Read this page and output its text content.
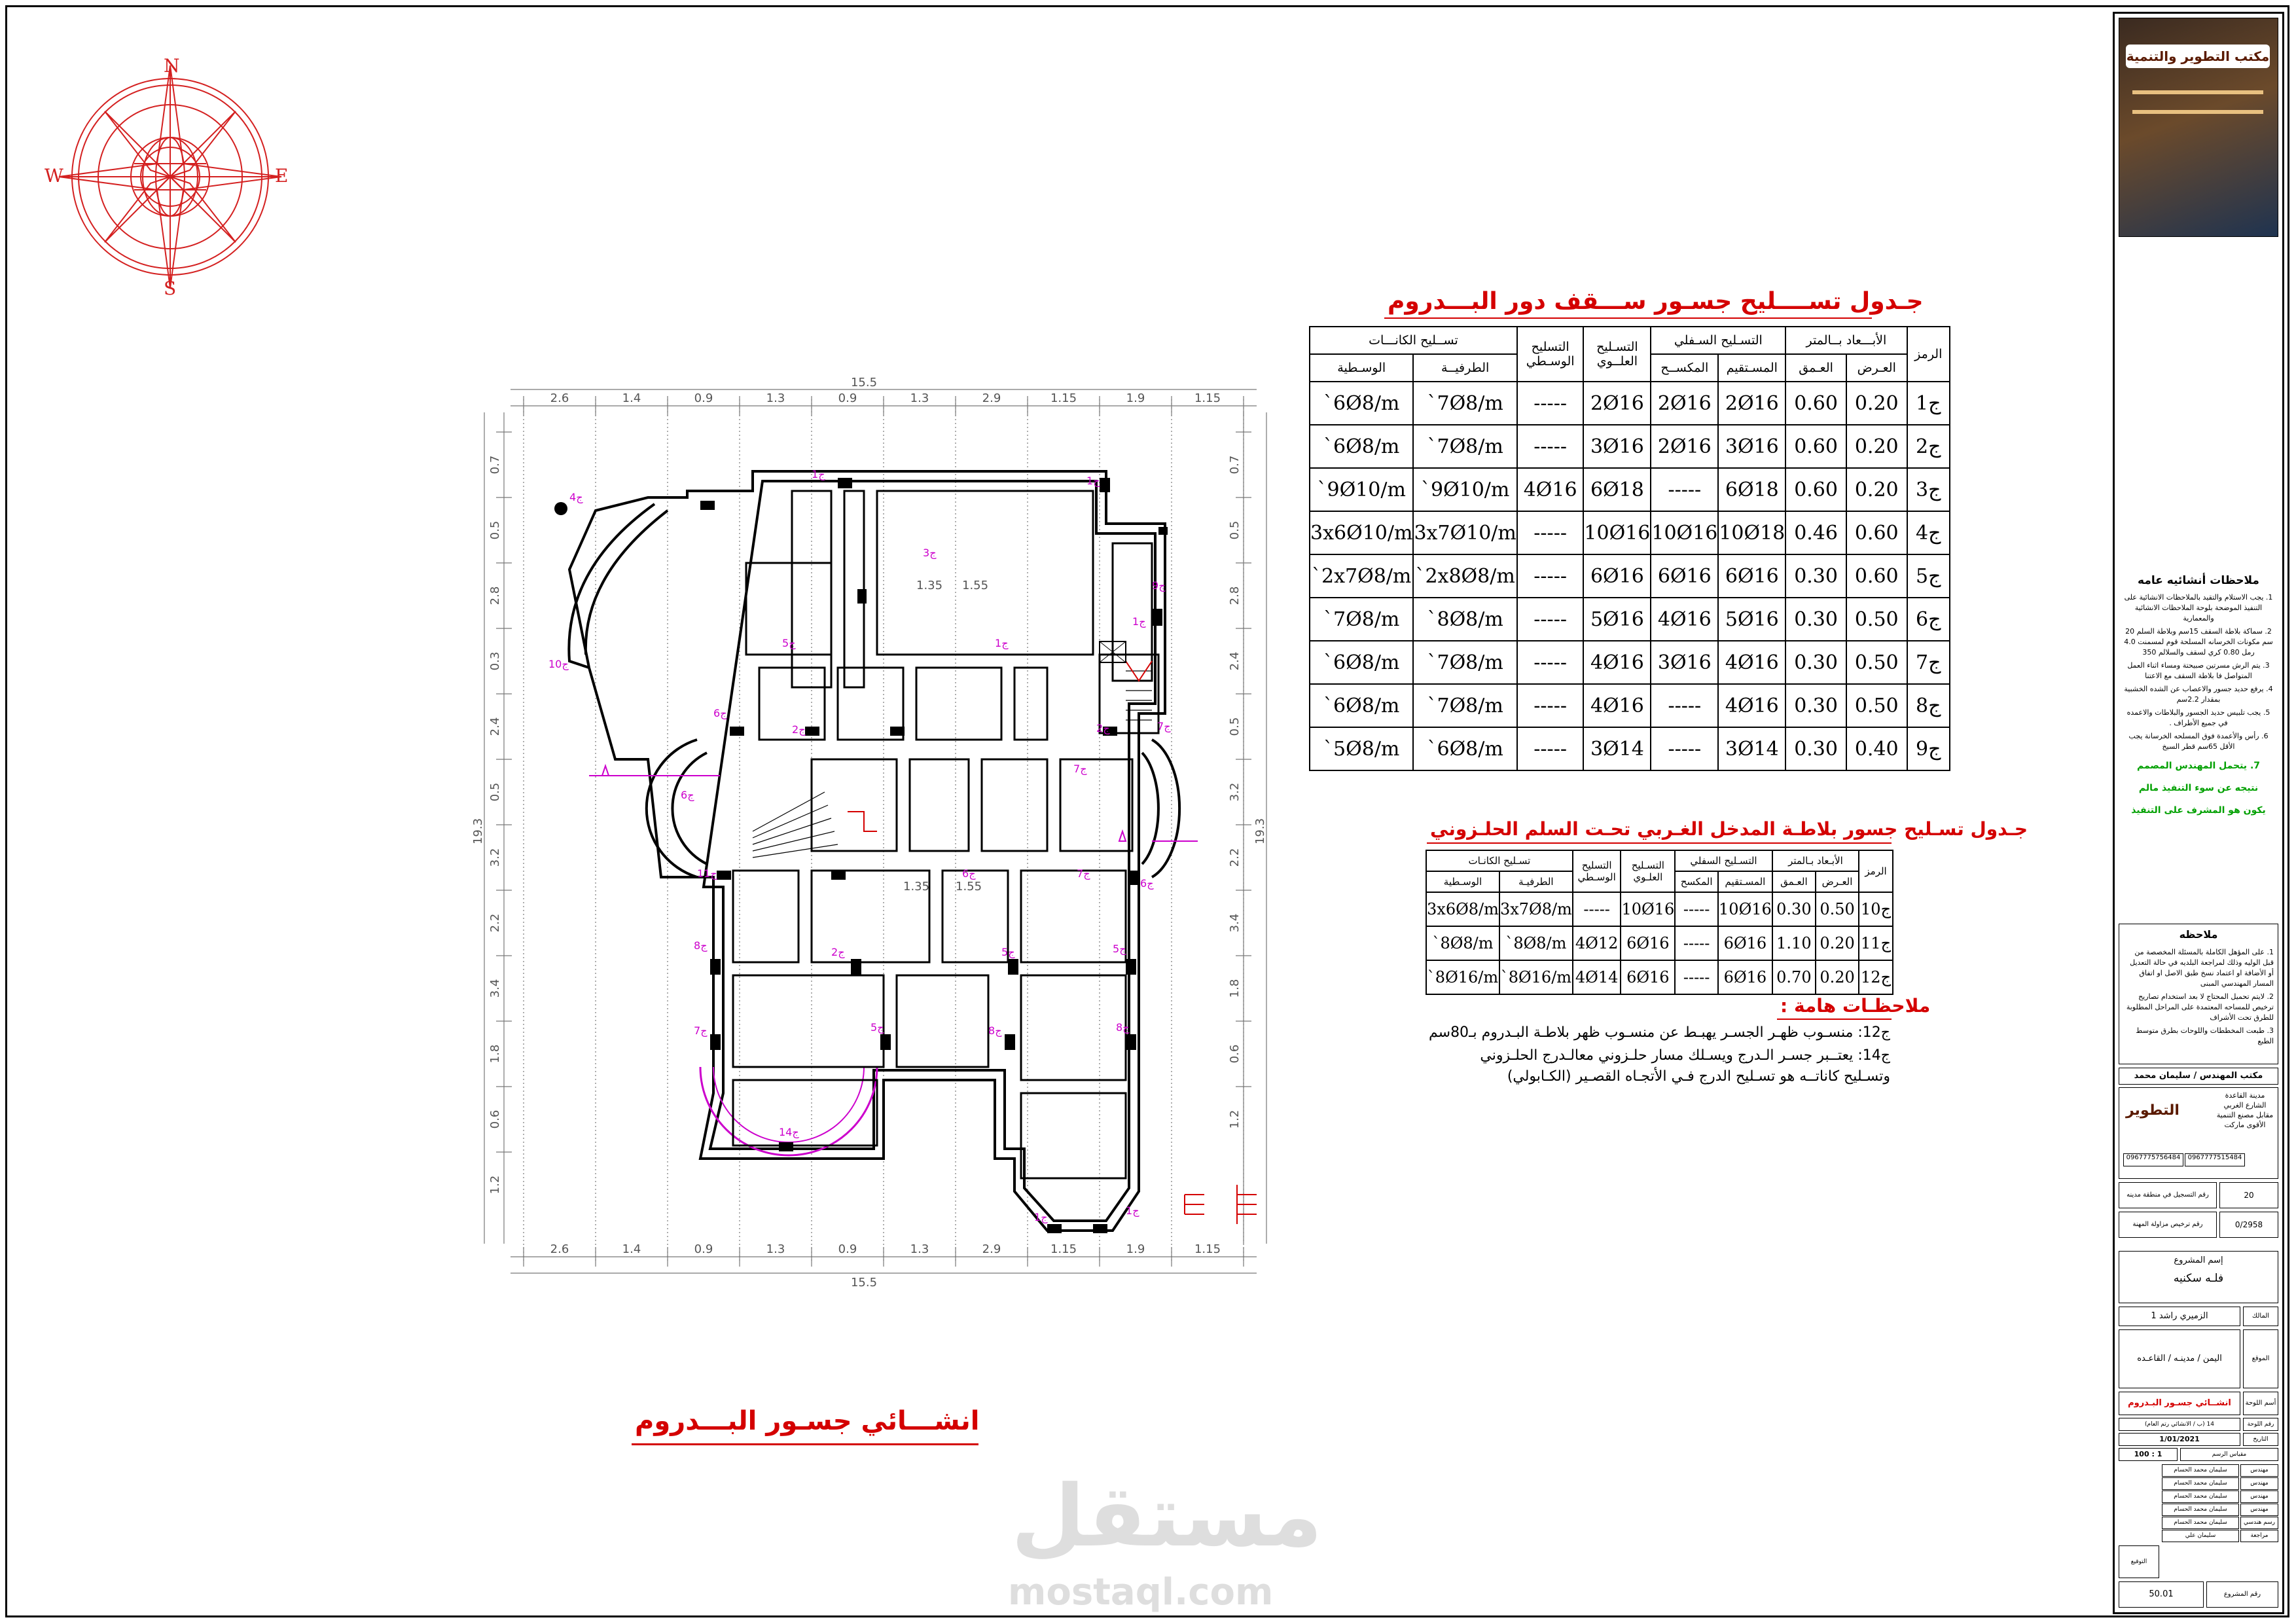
N
E
S
W
2.6	1.4	0.9	1.3	0.9	1.3	2.9	1.15	1.9	1.15
2.6	1.4	0.9	1.3	0.9	1.3	2.9	1.15	1.9	1.15
15.5
15.5
0.7
0.5
2.8
0.3
2.4
0.5
3.2
2.2
3.4
1.8
0.6
1.2
0.7
0.5
2.8
2.4
0.5
3.2
2.2
3.4
1.8
0.6
1.2
19.3	19.3
ج4
ج1
ج3
ج1
ج9
ج1
ج1
ج5
ج10
ج6
ج2	ج2	ج7
ج6
ج7
ج6	ج7
ج6
ج11
ج8
ج2	ج5	ج5
ج7	ج5	ج8	ج8
ج14
ج1
ج1
1.35 1.55
1.35 1.55
انشـــائي جسـور البـــدروم
جـدول تســــليح جسـور ســـقف دور البـــدروم
الرمز	الأبـــعاد بــالمتر		التسـليح السـفلي		التسـليح العلــوي	التسليح الوسـطي	تســليح الكانـــات	
	العـرض	العـمق	المسـتقيم	المكســح			الطرفيــة	الوسـطية
ج1	0.20	0.60	2Ø16	2Ø16	2Ø16	-----	7Ø8/m`	6Ø8/m`
ج2	0.20	0.60	3Ø16	2Ø16	3Ø16	-----	7Ø8/m`	6Ø8/m`
ج3	0.20	0.60	6Ø18	-----	6Ø18	4Ø16	9Ø10/m`	9Ø10/m`
ج4	0.60	0.46	10Ø18	10Ø16	10Ø16	-----	3x7Ø10/m	3x6Ø10/m
ج5	0.60	0.30	6Ø16	6Ø16	6Ø16	-----	2x8Ø8/m`	2x7Ø8/m`
ج6	0.50	0.30	5Ø16	4Ø16	5Ø16	-----	8Ø8/m`	7Ø8/m`
ج7	0.50	0.30	4Ø16	3Ø16	4Ø16	-----	7Ø8/m`	6Ø8/m`
ج8	0.50	0.30	4Ø16	-----	4Ø16	-----	7Ø8/m`	6Ø8/m`
ج9	0.40	0.30	3Ø14	-----	3Ø14	-----	6Ø8/m`	5Ø8/m`
جـدول تسـليح جسور بلاطـة المدخل الغـربي تحـت السلم الحلـزوني
الرمز	الأبـعاد بـالمتر		التسـليح السفلي		التسـليح العلـوي	التسليح الوسـطي	تسـليح الكانـات	
	العـرض	العـمق	المسـتقيم	المكسح			الطرفيـة	الوسـطية
ج10	0.50	0.30	10Ø16	-----	10Ø16	-----	3x7Ø8/m	3x6Ø8/m
ج11	0.20	1.10	6Ø16	-----	6Ø16	4Ø12	8Ø8/m`	8Ø8/m`
ج12	0.20	0.70	6Ø16	-----	6Ø16	4Ø14	8Ø16/m`	8Ø16/m`
ملاحظـات هامة :
ج12: منسـوب ظهـر الجسـر يهبـط عن منسـوب ظهر بلاطـة البـدروم بـ80سم
ج14: يعتــبر جسـر الـدرج ويسـلك مسار حلـزوني معالـدرج الحلـزوني
وتسـليح كاناتــه هو تسـليح الدرج فـي الأتجـاه القصـير (الكـابولي)
مستقل
mostaql.com
مكتب التطوير والتنمية
ملاحظات أنشائيه عامه
1. يجب الاستلام والتقيد بالملاحظات الانشائية على التنفيذ الموضحة بلوحة الملاحظات الانشائية والمعمارية
2. سماكة بلاطة السقف 15سم وبلاطة السلم 20 سم مكونات الخرسانه المسلحة قوم لمسمنت 4.0 رمل 0.80 كري لسقف والسلالم 350
3. يتم الرش مسرتين صبيحتة ومساء اثناء العمل المتواصل فا بلاطة السقف مع الاعتنا
4. يرفع حديد جسور والاعصاب عن الشده الخشبية بمقدار 2.2سم
5. يجب تلبيس حديد الجسور والبلاطات والاعمده في جميع الأطراف .
6. رأس والأعمدة فوق المسلحه الخرسانة يجب الأقل 65سم قطر السيخ
7. يتحمل المهندس المصمم
نتيجه عن سوء التنفيذ مالم
يكون هو المشرف على التنفيذ
ملاحظه
1. على المؤهل الكاملة بالمسئلة المخصصة من قبل الوليه وذلك لمراجعة البلديه في حالة التعديل أو الأضافة او اعتماد نسخ طبق الاصل او اتفاق المسار المهندسي المبنى
2. لايتم تحميل المحتاج لا بعد استخدام تصاريح ترخيص للمساحه المعتمدة على المراحل المطلوبة للطرق تحت الأشراف
3. طبعت المخططات واللوحات بطرق متوسط الطبع
مكتب المهندس / سليمان محمد
مدينة القاعدة
الشارع الغربي
مقابل مصنع التنمية
الأقوى ماركت
التطوير
0967775756484	0967777515484
رقم التسجيل في منطقة مدينه	20
رقم ترخيص مزاولة المهنة	0/2958
إسم المشروع
فلـه سكنيه
المالك
الزميري راشد 1
الموقع
اليمن / مدينـه / القاعـده
أسم اللوحة
انشــائي جسـور البـدروم
رقم اللوحة
14 (ب / الانشائي رتم العام)
التاريخ
1/01/2021
مقياس الرسم
1 : 100
مهندس
سليمان محمد الحسام
مهندس
سليمان محمد الحسام
مهندس
سليمان محمد الحسام
مهندس
سليمان محمد الحسام
رسم هندسي
سليمان محمد الحسام
مراجعة
سليمان علي
رقم المشروع
التوقيع
50.01
